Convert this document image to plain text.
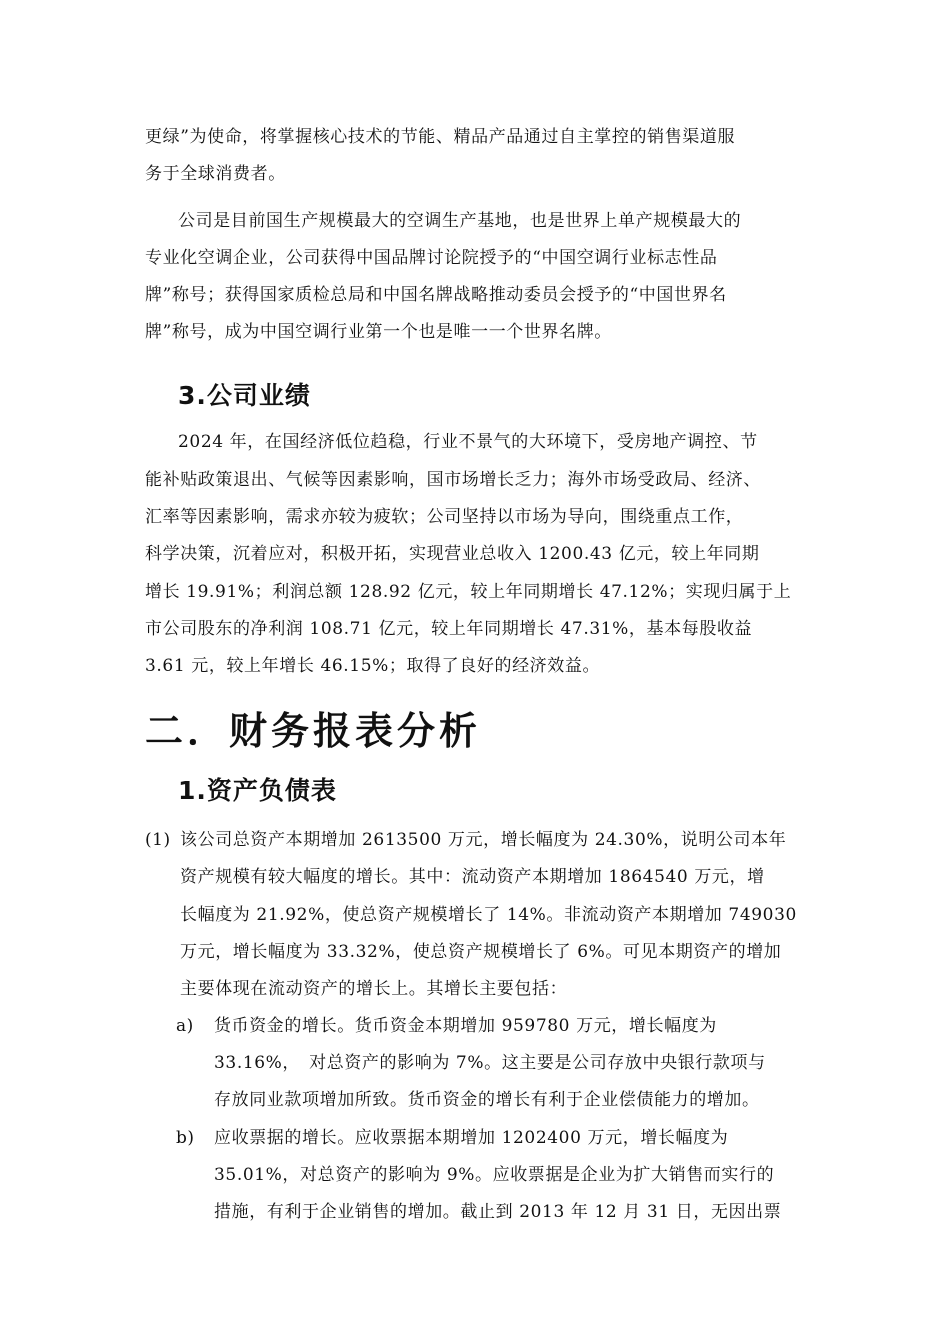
更绿”为使命，将掌握核心技术的节能、精品产品通过自主掌控的销售渠道服
务于全球消费者。
公司是目前国生产规模最大的空调生产基地，也是世界上单产规模最大的
专业化空调企业，公司获得中国品牌讨论院授予的“中国空调行业标志性品
牌”称号；获得国家质检总局和中国名牌战略推动委员会授予的“中国世界名
牌”称号，成为中国空调行业第一个也是唯一一个世界名牌。
3.公司业绩
2024 年，在国经济低位趋稳，行业不景气的大环境下，受房地产调控、节
能补贴政策退出、气候等因素影响，国市场增长乏力；海外市场受政局、经济、
汇率等因素影响，需求亦较为疲软；公司坚持以市场为导向，围绕重点工作，
科学决策，沉着应对，积极开拓，实现营业总收入 1200.43 亿元，较上年同期
增长 19.91%；利润总额 128.92 亿元，较上年同期增长 47.12%；实现归属于上
市公司股东的净利润 108.71 亿元，较上年同期增长 47.31%，基本每股收益
3.61 元，较上年增长 46.15%；取得了良好的经济效益。
二．财务报表分析
1.资产负债表
(1) 该公司总资产本期增加 2613500 万元，增长幅度为 24.30%，说明公司本年
资产规模有较大幅度的增长。其中：流动资产本期增加 1864540 万元，增
长幅度为 21.92%，使总资产规模增长了 14%。非流动资产本期增加 749030
万元，增长幅度为 33.32%，使总资产规模增长了 6%。可见本期资产的增加
主要体现在流动资产的增长上。其增长主要包括：
a) 货币资金的增长。货币资金本期增加 959780 万元，增长幅度为
33.16%，　对总资产的影响为 7%。这主要是公司存放中央银行款项与
存放同业款项增加所致。货币资金的增长有利于企业偿债能力的增加。
b) 应收票据的增长。应收票据本期增加 1202400 万元，增长幅度为
35.01%，对总资产的影响为 9%。应收票据是企业为扩大销售而实行的
措施，有利于企业销售的增加。截止到 2013 年 12 月 31 日，无因出票
